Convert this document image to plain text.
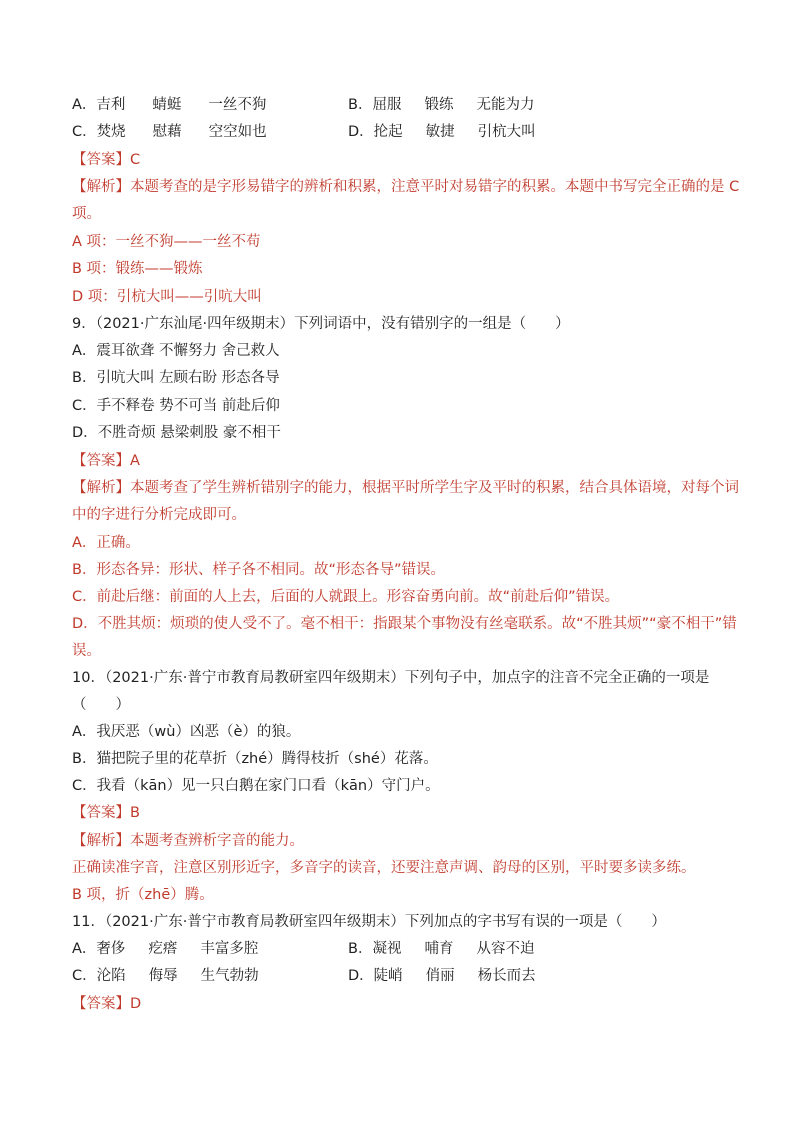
A．吉利 蜻蜓 一丝不狗	B．屈服 锻练 无能为力
C．焚烧 慰藉 空空如也	D．抡起 敏捷 引杭大叫
【答案】C
【解析】本题考查的是字形易错字的辨析和积累，注意平时对易错字的积累。本题中书写完全正确的是 C
项。
A 项：一丝不狗——一丝不苟
B 项：锻练——锻炼
D 项：引杭大叫——引吭大叫
9．（2021·广东汕尾·四年级期末）下列词语中，没有错别字的一组是（　　）
A．震耳欲聋 不懈努力 舍己救人
B．引吭大叫 左顾右盼 形态各导
C．手不释卷 势不可当 前赴后仰
D．不胜奇烦 悬梁刺股 豪不相干
【答案】A
【解析】本题考查了学生辨析错别字的能力，根据平时所学生字及平时的积累，结合具体语境，对每个词
中的字进行分析完成即可。
A．正确。
B．形态各异：形状、样子各不相同。故“形态各导”错误。
C．前赴后继：前面的人上去，后面的人就跟上。形容奋勇向前。故“前赴后仰”错误。
D．不胜其烦：烦琐的使人受不了。毫不相干：指跟某个事物没有丝毫联系。故“不胜其烦”“豪不相干”错
误。
10．（2021·广东·普宁市教育局教研室四年级期末）下列句子中，加点字的注音不完全正确的一项是
（　　）
A．我厌恶（wù）凶恶（è）的狼。
B．猫把院子里的花草折（zhé）腾得枝折（shé）花落。
C．我看（kān）见一只白鹅在家门口看（kān）守门户。
【答案】B
【解析】本题考查辨析字音的能力。
正确读准字音，注意区别形近字，多音字的读音，还要注意声调、韵母的区别，平时要多读多练。
B 项，折（zhē）腾。
11．（2021·广东·普宁市教育局教研室四年级期末）下列加点的字书写有误的一项是（　　）
A．奢侈 疙瘩 丰富多腔	B．凝视 哺育 从容不迫
C．沦陷 侮辱 生气勃勃	D．陡峭 俏丽 杨长而去
【答案】D
